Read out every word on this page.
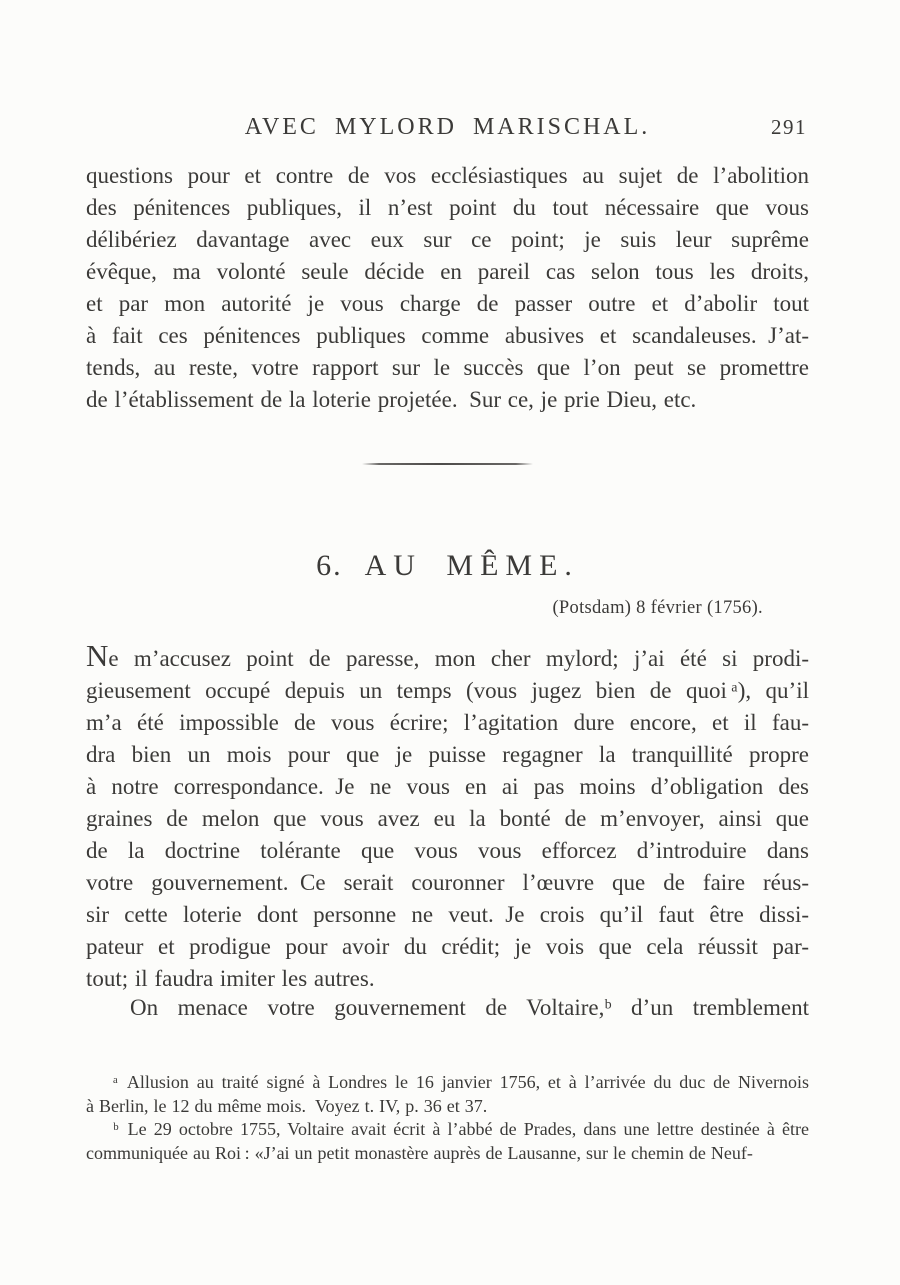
AVEC MYLORD MARISCHAL.	291
questions pour et contre de vos ecclésiastiques au sujet de l’abolition
des pénitences publiques, il n’est point du tout nécessaire que vous
délibériez davantage avec eux sur ce point; je suis leur suprême
évêque, ma volonté seule décide en pareil cas selon tous les droits,
et par mon autorité je vous charge de passer outre et d’abolir tout
à fait ces pénitences publiques comme abusives et scandaleuses. J’at-
tends, au reste, votre rapport sur le succès que l’on peut se promettre
de l’établissement de la loterie projetée. Sur ce, je prie Dieu, etc.
6. AU MÊME.
(Potsdam) 8 février (1756).
Ne m’accusez point de paresse, mon cher mylord; j’ai été si prodi-
gieusement occupé depuis un temps (vous jugez bien de quoi ᵃ), qu’il
m’a été impossible de vous écrire; l’agitation dure encore, et il fau-
dra bien un mois pour que je puisse regagner la tranquillité propre
à notre correspondance. Je ne vous en ai pas moins d’obligation des
graines de melon que vous avez eu la bonté de m’envoyer, ainsi que
de la doctrine tolérante que vous vous efforcez d’introduire dans
votre gouvernement. Ce serait couronner l’œuvre que de faire réus-
sir cette loterie dont personne ne veut. Je crois qu’il faut être dissi-
pateur et prodigue pour avoir du crédit; je vois que cela réussit par-
tout; il faudra imiter les autres.
On menace votre gouvernement de Voltaire,ᵇ d’un tremblement
ᵃ Allusion au traité signé à Londres le 16 janvier 1756, et à l’arrivée du duc de Nivernois
à Berlin, le 12 du même mois. Voyez t. IV, p. 36 et 37.
ᵇ Le 29 octobre 1755, Voltaire avait écrit à l’abbé de Prades, dans une lettre destinée à être
communiquée au Roi : «J’ai un petit monastère auprès de Lausanne, sur le chemin de Neuf-
